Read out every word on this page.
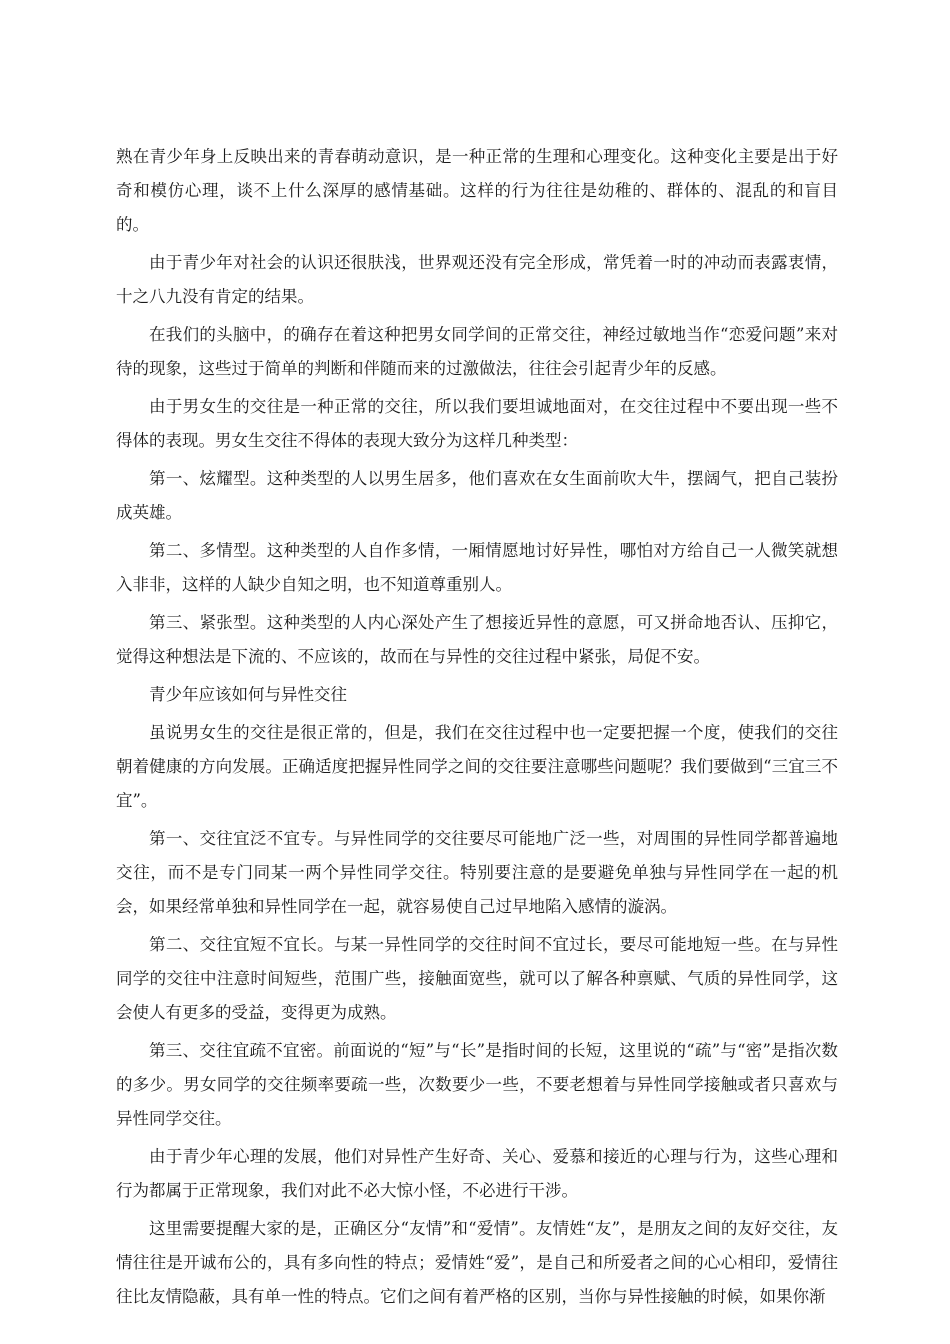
熟在青少年身上反映出来的青春萌动意识，是一种正常的生理和心理变化。这种变化主要是出于好奇和模仿心理，谈不上什么深厚的感情基础。这样的行为往往是幼稚的、群体的、混乱的和盲目的。

由于青少年对社会的认识还很肤浅，世界观还没有完全形成，常凭着一时的冲动而表露衷情，十之八九没有肯定的结果。

在我们的头脑中，的确存在着这种把男女同学间的正常交往，神经过敏地当作“恋爱问题”来对待的现象，这些过于简单的判断和伴随而来的过激做法，往往会引起青少年的反感。

由于男女生的交往是一种正常的交往，所以我们要坦诚地面对，在交往过程中不要出现一些不得体的表现。男女生交往不得体的表现大致分为这样几种类型：

第一、炫耀型。这种类型的人以男生居多，他们喜欢在女生面前吹大牛，摆阔气，把自己装扮成英雄。

第二、多情型。这种类型的人自作多情，一厢情愿地讨好异性，哪怕对方给自己一人微笑就想入非非，这样的人缺少自知之明，也不知道尊重别人。

第三、紧张型。这种类型的人内心深处产生了想接近异性的意愿，可又拼命地否认、压抑它，觉得这种想法是下流的、不应该的，故而在与异性的交往过程中紧张，局促不安。

青少年应该如何与异性交往

虽说男女生的交往是很正常的，但是，我们在交往过程中也一定要把握一个度，使我们的交往朝着健康的方向发展。正确适度把握异性同学之间的交往要注意哪些问题呢？我们要做到“三宜三不宜”。

第一、交往宜泛不宜专。与异性同学的交往要尽可能地广泛一些，对周围的异性同学都普遍地交往，而不是专门同某一两个异性同学交往。特别要注意的是要避免单独与异性同学在一起的机会，如果经常单独和异性同学在一起，就容易使自己过早地陷入感情的漩涡。

第二、交往宜短不宜长。与某一异性同学的交往时间不宜过长，要尽可能地短一些。在与异性同学的交往中注意时间短些，范围广些，接触面宽些，就可以了解各种禀赋、气质的异性同学，这会使人有更多的受益，变得更为成熟。

第三、交往宜疏不宜密。前面说的“短”与“长”是指时间的长短，这里说的“疏”与“密”是指次数的多少。男女同学的交往频率要疏一些，次数要少一些，不要老想着与异性同学接触或者只喜欢与异性同学交往。

由于青少年心理的发展，他们对异性产生好奇、关心、爱慕和接近的心理与行为，这些心理和行为都属于正常现象，我们对此不必大惊小怪，不必进行干涉。

这里需要提醒大家的是，正确区分“友情”和“爱情”。友情姓“友”，是朋友之间的友好交往，友情往往是开诚布公的，具有多向性的特点；爱情姓“爱”，是自己和所爱者之间的心心相印，爱情往往比友情隐蔽，具有单一性的特点。它们之间有着严格的区别，当你与异性接触的时候，如果你渐
